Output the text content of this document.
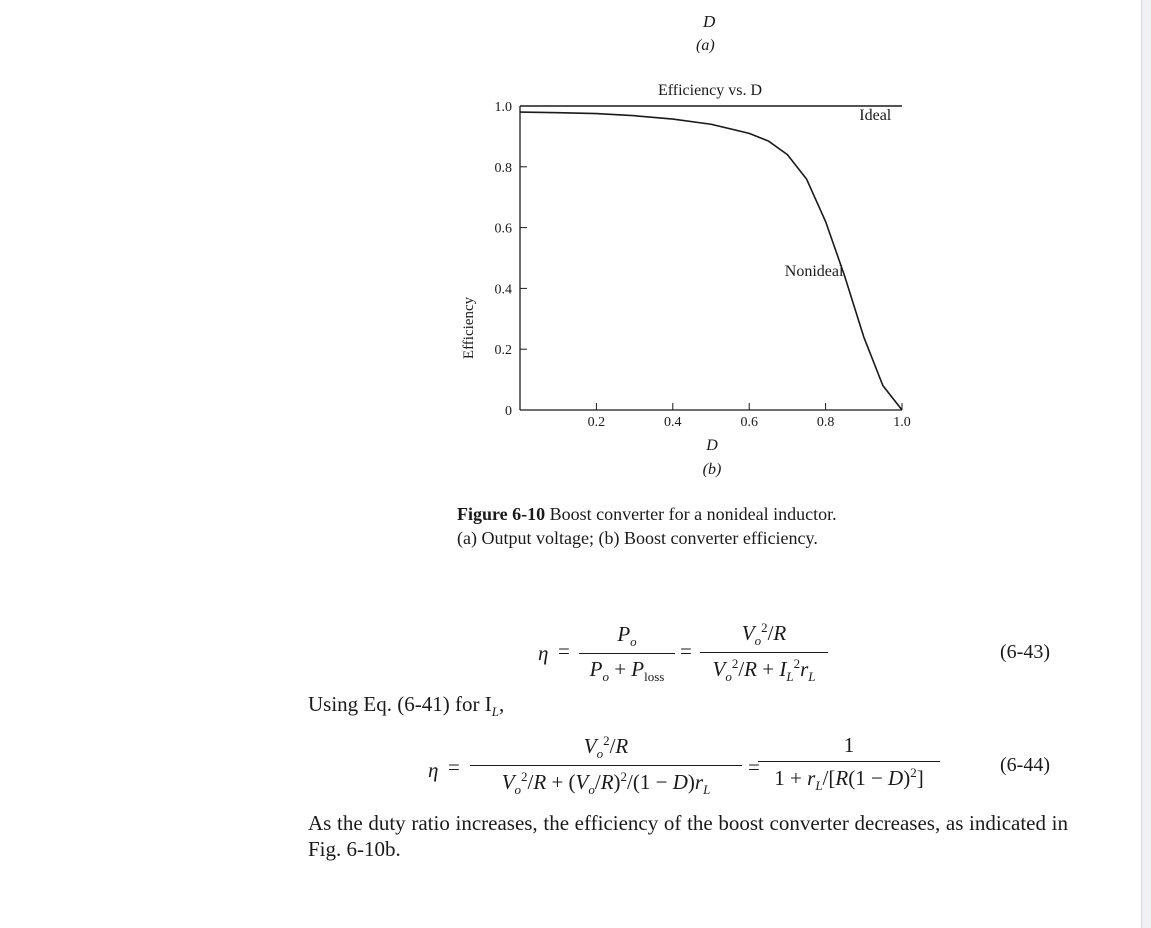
D
(a)
Efficiency vs. D
Efficiency
D
(b)
0
0.2
0.4
0.6
0.8
1.0
0.2	0.4	0.6	0.8	1.0
Ideal
Nonideal
Figure 6-10 Boost converter for a nonideal inductor.
(a) Output voltage; (b) Boost converter efficiency.
η =
$P_o$
$P_o + P_{loss}$
=
$V_o^2/R$
$V_o^2/R + I_L^2r_L$
(6-43)
Using Eq. (6-41) for $I_L$,
η =
$V_o^2/R$
$V_o^2/R + (V_o/R)^2/(1 - D)r_L$
=
1
$1 + r_L/[R(1 - D)^2]$
(6-44)
As the duty ratio increases, the efficiency of the boost converter decreases, as indicated in Fig. 6-10b.
